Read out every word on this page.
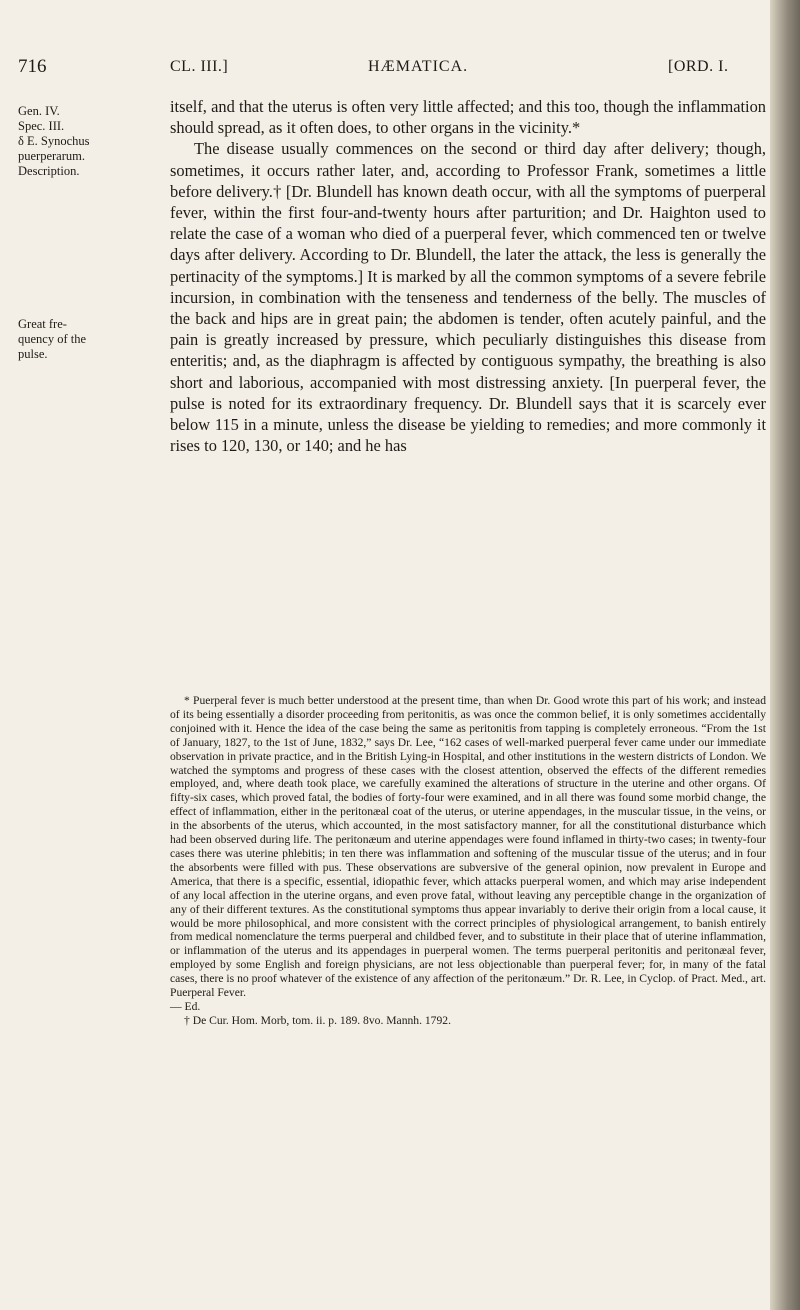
716	CL. III.]	HÆMATICA.	[ORD. I.
Gen. IV.
Spec. III.
δ E. Synochus
puerperarum.
Description.
Great fre-
quency of the
pulse.

itself, and that the uterus is often very little affected; and this too, though the inflammation should spread, as it often does, to other organs in the vicinity.*

The disease usually commences on the second or third day after delivery; though, sometimes, it occurs rather later, and, according to Professor Frank, sometimes a little before delivery.† [Dr. Blundell has known death occur, with all the symptoms of puerperal fever, within the first four-and-twenty hours after parturition; and Dr. Haighton used to relate the case of a woman who died of a puerperal fever, which commenced ten or twelve days after delivery. According to Dr. Blundell, the later the attack, the less is generally the pertinacity of the symptoms.] It is marked by all the common symptoms of a severe febrile incursion, in combination with the tenseness and tenderness of the belly. The muscles of the back and hips are in great pain; the abdomen is tender, often acutely painful, and the pain is greatly increased by pressure, which peculiarly distinguishes this disease from enteritis; and, as the diaphragm is affected by contiguous sympathy, the breathing is also short and laborious, accompanied with most distressing anxiety. [In puerperal fever, the pulse is noted for its extraordinary frequency. Dr. Blundell says that it is scarcely ever below 115 in a minute, unless the disease be yielding to remedies; and more commonly it rises to 120, 130, or 140; and he has

* Puerperal fever is much better understood at the present time, than when Dr. Good wrote this part of his work; and instead of its being essentially a disorder proceeding from peritonitis, as was once the common belief, it is only sometimes accidentally conjoined with it. Hence the idea of the case being the same as peritonitis from tapping is completely erroneous. “From the 1st of January, 1827, to the 1st of June, 1832,” says Dr. Lee, “162 cases of well-marked puerperal fever came under our immediate observation in private practice, and in the British Lying-in Hospital, and other institutions in the western districts of London. We watched the symptoms and progress of these cases with the closest attention, observed the effects of the different remedies employed, and, where death took place, we carefully examined the alterations of structure in the uterine and other organs. Of fifty-six cases, which proved fatal, the bodies of forty-four were examined, and in all there was found some morbid change, the effect of inflammation, either in the peritonæal coat of the uterus, or uterine appendages, in the muscular tissue, in the veins, or in the absorbents of the uterus, which accounted, in the most satisfactory manner, for all the constitutional disturbance which had been observed during life. The peritonæum and uterine appendages were found inflamed in thirty-two cases; in twenty-four cases there was uterine phlebitis; in ten there was inflammation and softening of the muscular tissue of the uterus; and in four the absorbents were filled with pus. These observations are subversive of the general opinion, now prevalent in Europe and America, that there is a specific, essential, idiopathic fever, which attacks puerperal women, and which may arise independent of any local affection in the uterine organs, and even prove fatal, without leaving any perceptible change in the organization of any of their different textures. As the constitutional symptoms thus appear invariably to derive their origin from a local cause, it would be more philosophical, and more consistent with the correct principles of physiological arrangement, to banish entirely from medical nomenclature the terms puerperal and childbed fever, and to substitute in their place that of uterine inflammation, or inflammation of the uterus and its appendages in puerperal women. The terms puerperal peritonitis and peritonæal fever, employed by some English and foreign physicians, are not less objectionable than puerperal fever; for, in many of the fatal cases, there is no proof whatever of the existence of any affection of the peritonæum.” Dr. R. Lee, in Cyclop. of Pract. Med., art. Puerperal Fever.

— Ed.

† De Cur. Hom. Morb, tom. ii. p. 189. 8vo. Mannh. 1792.
